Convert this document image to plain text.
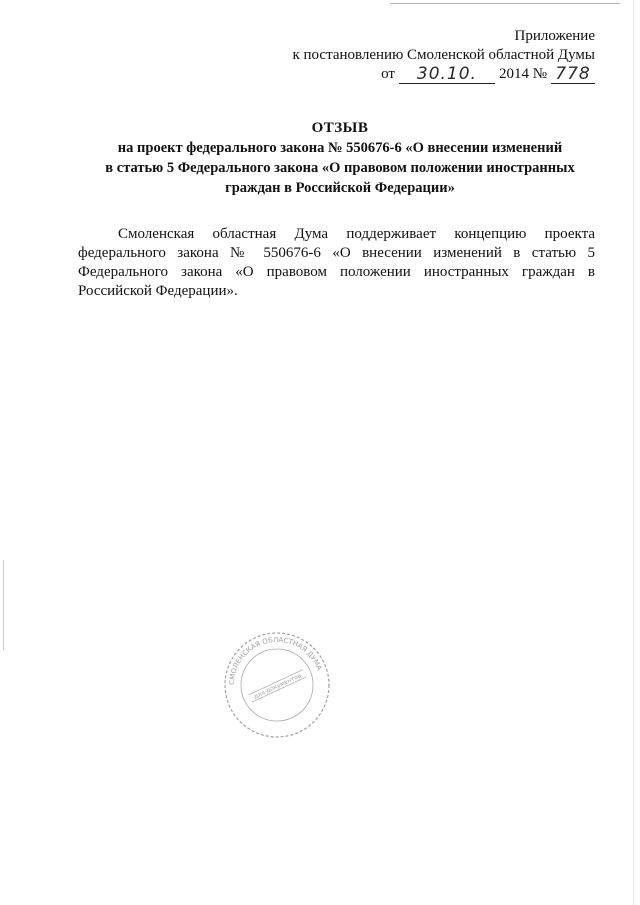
Приложение
к постановлению Смоленской областной Думы
от	30.10.	2014 № 778
ОТЗЫВ
на проект федерального закона № 550676-6 «О внесении изменений
в статью 5 Федерального закона «О правовом положении иностранных
граждан в Российской Федерации»
Смоленская областная Дума поддерживает концепцию проекта федерального закона № 550676-6 «О внесении изменений в статью 5 Федерального закона «О правовом положении иностранных граждан в Российской Федерации».
СМОЛЕНСКАЯ ОБЛАСТНАЯ ДУМА
для документов
